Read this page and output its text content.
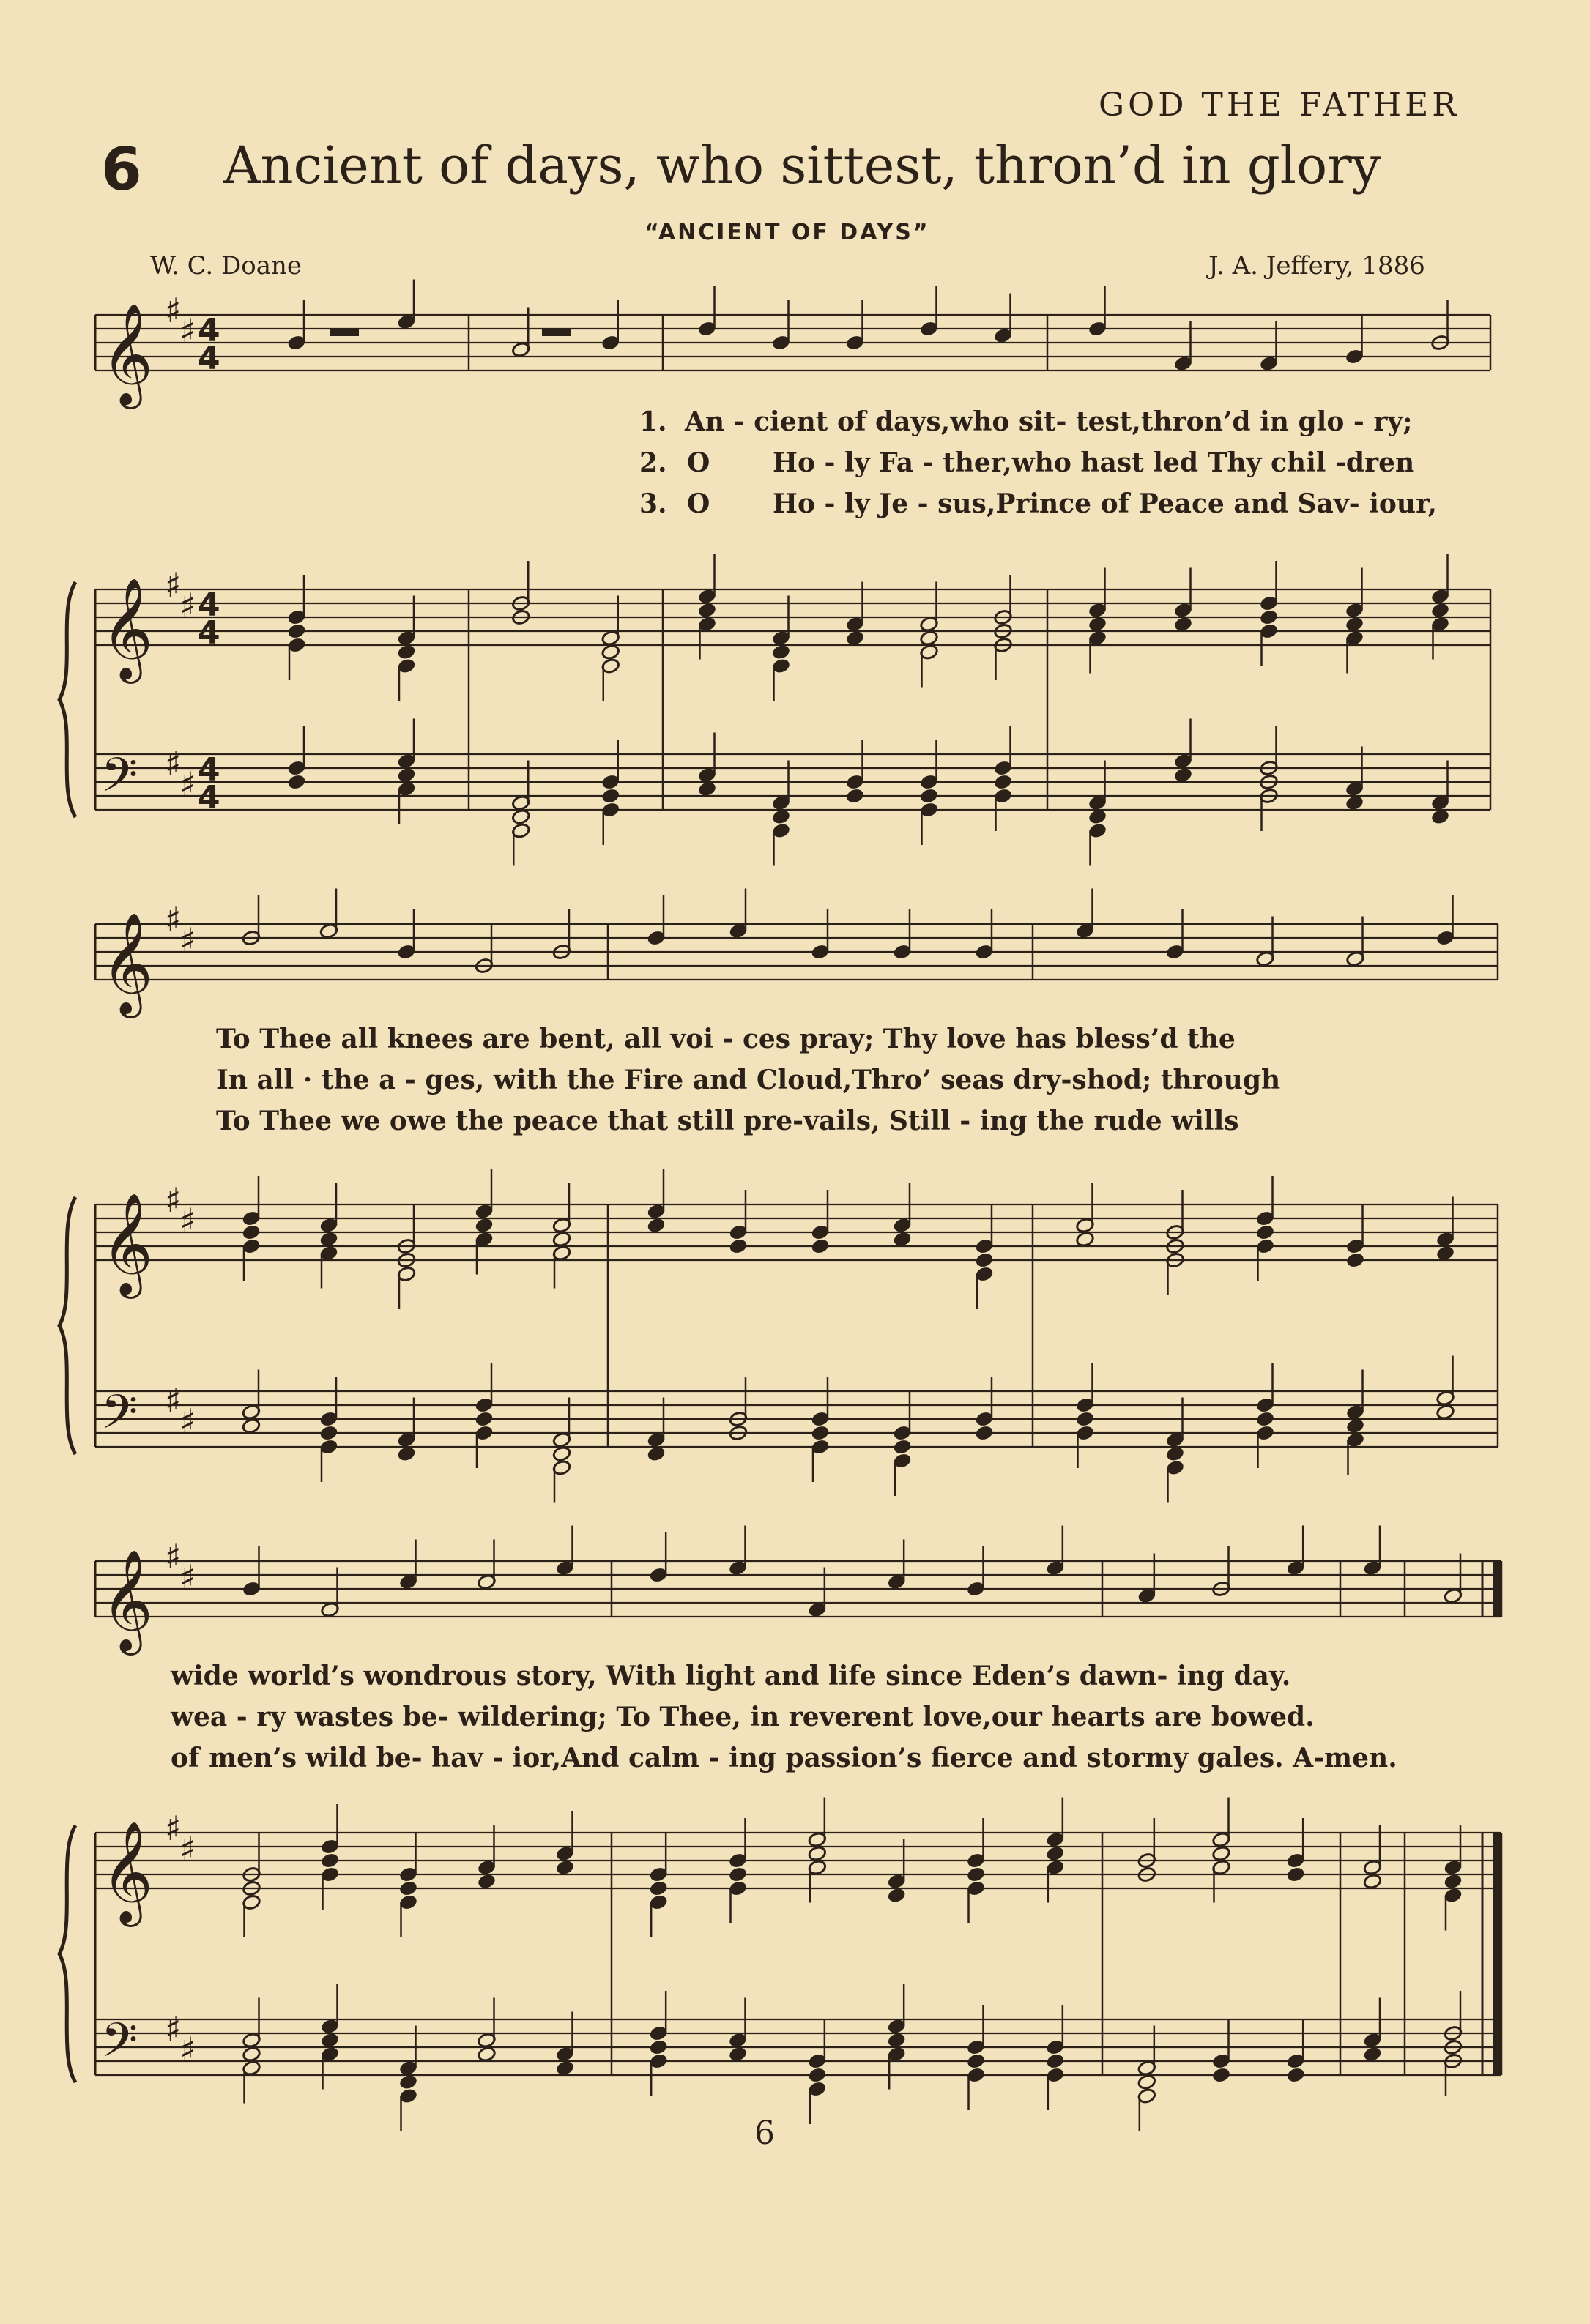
GOD THE FATHER
6 Ancient of days, who sittest, thron’d in glory
“ANCIENT OF DAYS”
W. C. Doane	J. A. Jeffery, 1886
𝄞 ♯
♯ 4
4
𝄞 ♯
♯ 4
4
𝄢 ♯
♯ 4
4
𝄞 ♯
♯
𝄞 ♯
♯
𝄢 ♯
♯
𝄞 ♯
♯
𝄞 ♯
♯
𝄢 ♯
♯
1.
2.
3.
O
O
An - cient of days,who sit- test,thron’d in glo - ry;
Ho - ly Fa - ther,who hast led Thy chil -dren
Ho - ly Je - sus,Prince of Peace and Sav- iour,
To Thee all knees are bent, all voi - ces pray; Thy love has bless’d the
In all · the a - ges, with the Fire and Cloud,Thro’ seas dry-shod; through
To Thee we owe the peace that still pre-vails, Still - ing the rude wills
wide world’s wondrous story, With light and life since Eden’s dawn- ing day.
wea - ry wastes be- wildering; To Thee, in reverent love,our hearts are bowed.
of men’s wild be- hav - ior,And calm - ing passion’s fierce and stormy gales. A-men.
6
